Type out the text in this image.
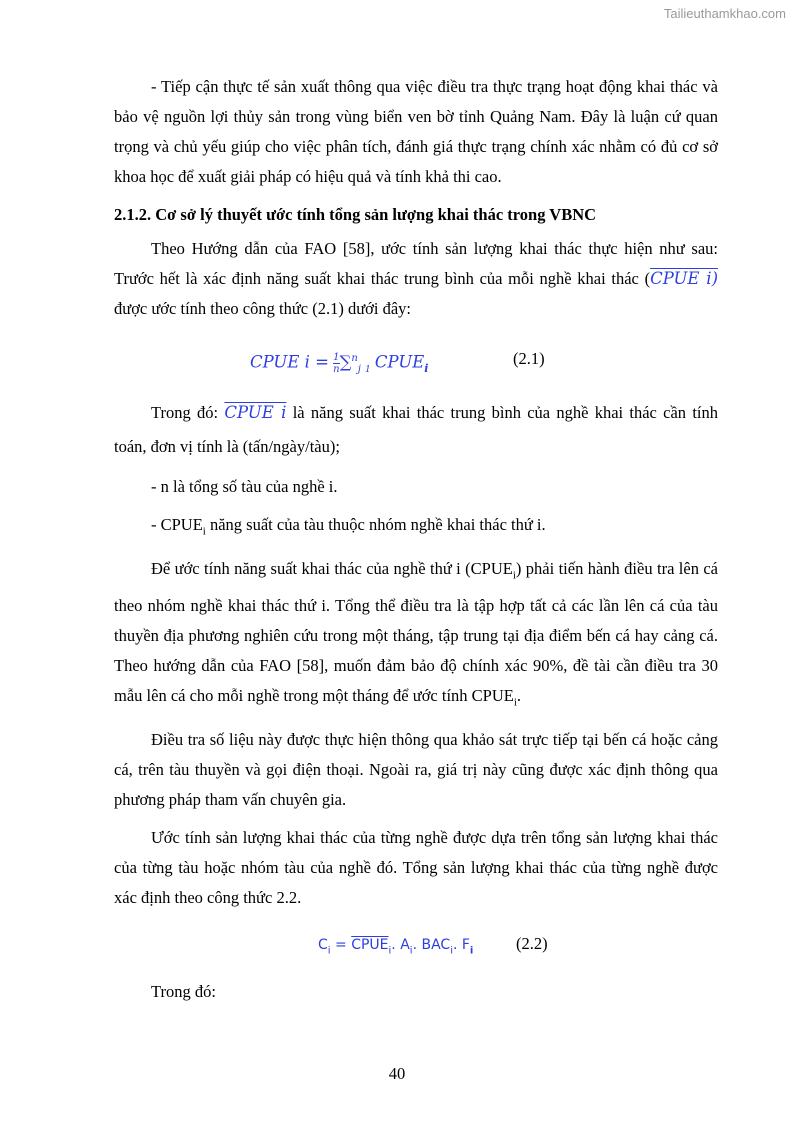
Tailieuthamkhao.com

- Tiếp cận thực tế sản xuất thông qua việc điều tra thực trạng hoạt động khai thác và bảo vệ nguồn lợi thủy sản trong vùng biển ven bờ tỉnh Quảng Nam. Đây là luận cứ quan trọng và chủ yếu giúp cho việc phân tích, đánh giá thực trạng chính xác nhằm có đủ cơ sở khoa học để xuất giải pháp có hiệu quả và tính khả thi cao.

2.1.2. Cơ sở lý thuyết ước tính tổng sản lượng khai thác trong VBNC

Theo Hướng dẫn của FAO [58], ước tính sản lượng khai thác thực hiện như sau: Trước hết là xác định năng suất khai thác trung bình của mỗi nghề khai thác (CPUE i) được ước tính theo công thức (2.1) dưới đây:

CPUE $i = \frac{1}{n} \sum^n_j$ $_1$ $CPUE_i$
(2.1)

Trong đó: CPUE i là năng suất khai thác trung bình của nghề khai thác cần tính toán, đơn vị tính là (tấn/ngày/tàu);

- n là tổng số tàu của nghề i.

- $CPUE_i$ năng suất của tàu thuộc nhóm nghề khai thác thứ i.

Để ước tính năng suất khai thác của nghề thứ i $(CPUE_i)$ phải tiến hành điều tra lên cá theo nhóm nghề khai thác thứ i. Tổng thể điều tra là tập hợp tất cả các lần lên cá của tàu thuyền địa phương nghiên cứu trong một tháng, tập trung tại địa điểm bến cá hay cảng cá. Theo hướng dẫn của FAO [58], muốn đảm bảo độ chính xác 90%, đề tài cần điều tra 30 mẫu lên cá cho mỗi nghề trong một tháng để ước tính $CPUE_i$.

Điều tra số liệu này được thực hiện thông qua khảo sát trực tiếp tại bến cá hoặc cảng cá, trên tàu thuyền và gọi điện thoại. Ngoài ra, giá trị này cũng được xác định thông qua phương pháp tham vấn chuyên gia.

Ước tính sản lượng khai thác của từng nghề được dựa trên tổng sản lượng khai thác của từng tàu hoặc nhóm tàu của nghề đó. Tổng sản lượng khai thác của từng nghề được xác định theo công thức 2.2.

$C_i$ = $CPUE_i$. $A_i$. $BAC_i$. $F_i$	(2.2)

Trong đó:

40
